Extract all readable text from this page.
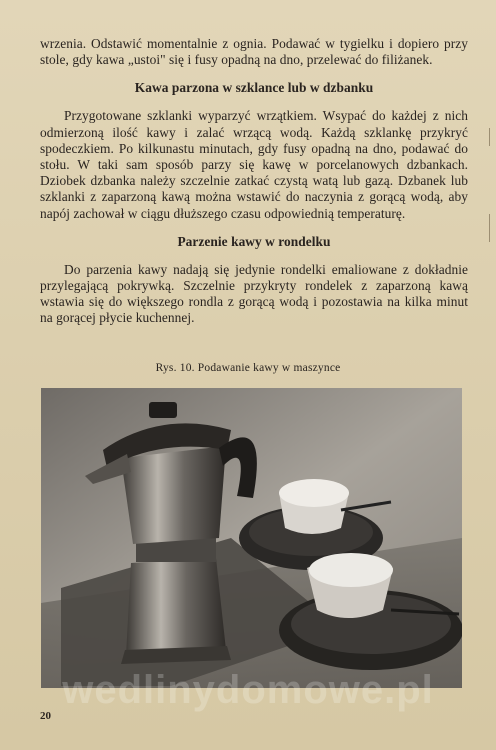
wrzenia. Odstawić momentalnie z ognia. Podawać w tygielku i dopiero przy stole, gdy kawa „ustoi" się i fusy opadną na dno, przelewać do filiżanek.

Kawa parzona w szklance lub w dzbanku

Przygotowane szklanki wyparzyć wrzątkiem. Wsypać do każdej z nich odmierzoną ilość kawy i zalać wrzącą wodą. Każdą szklankę przykryć spodeczkiem. Po kilkunastu minutach, gdy fusy opadną na dno, podawać do stołu. W taki sam sposób parzy się kawę w porcelanowych dzbankach. Dziobek dzbanka należy szczelnie zatkać czystą watą lub gazą. Dzbanek lub szklanki z zaparzoną kawą można wstawić do naczynia z gorącą wodą, aby napój zachował w ciągu dłuższego czasu odpowiednią temperaturę.

Parzenie kawy w rondelku

Do parzenia kawy nadają się jedynie rondelki emaliowane z dokładnie przylegającą pokrywką. Szczelnie przykryty rondelek z zaparzoną kawą wstawia się do większego rondla z gorącą wodą i pozostawia na kilka minut na gorącej płycie kuchennej.

Rys. 10. Podawanie kawy w maszynce
wedlinydomowe.pl
20
